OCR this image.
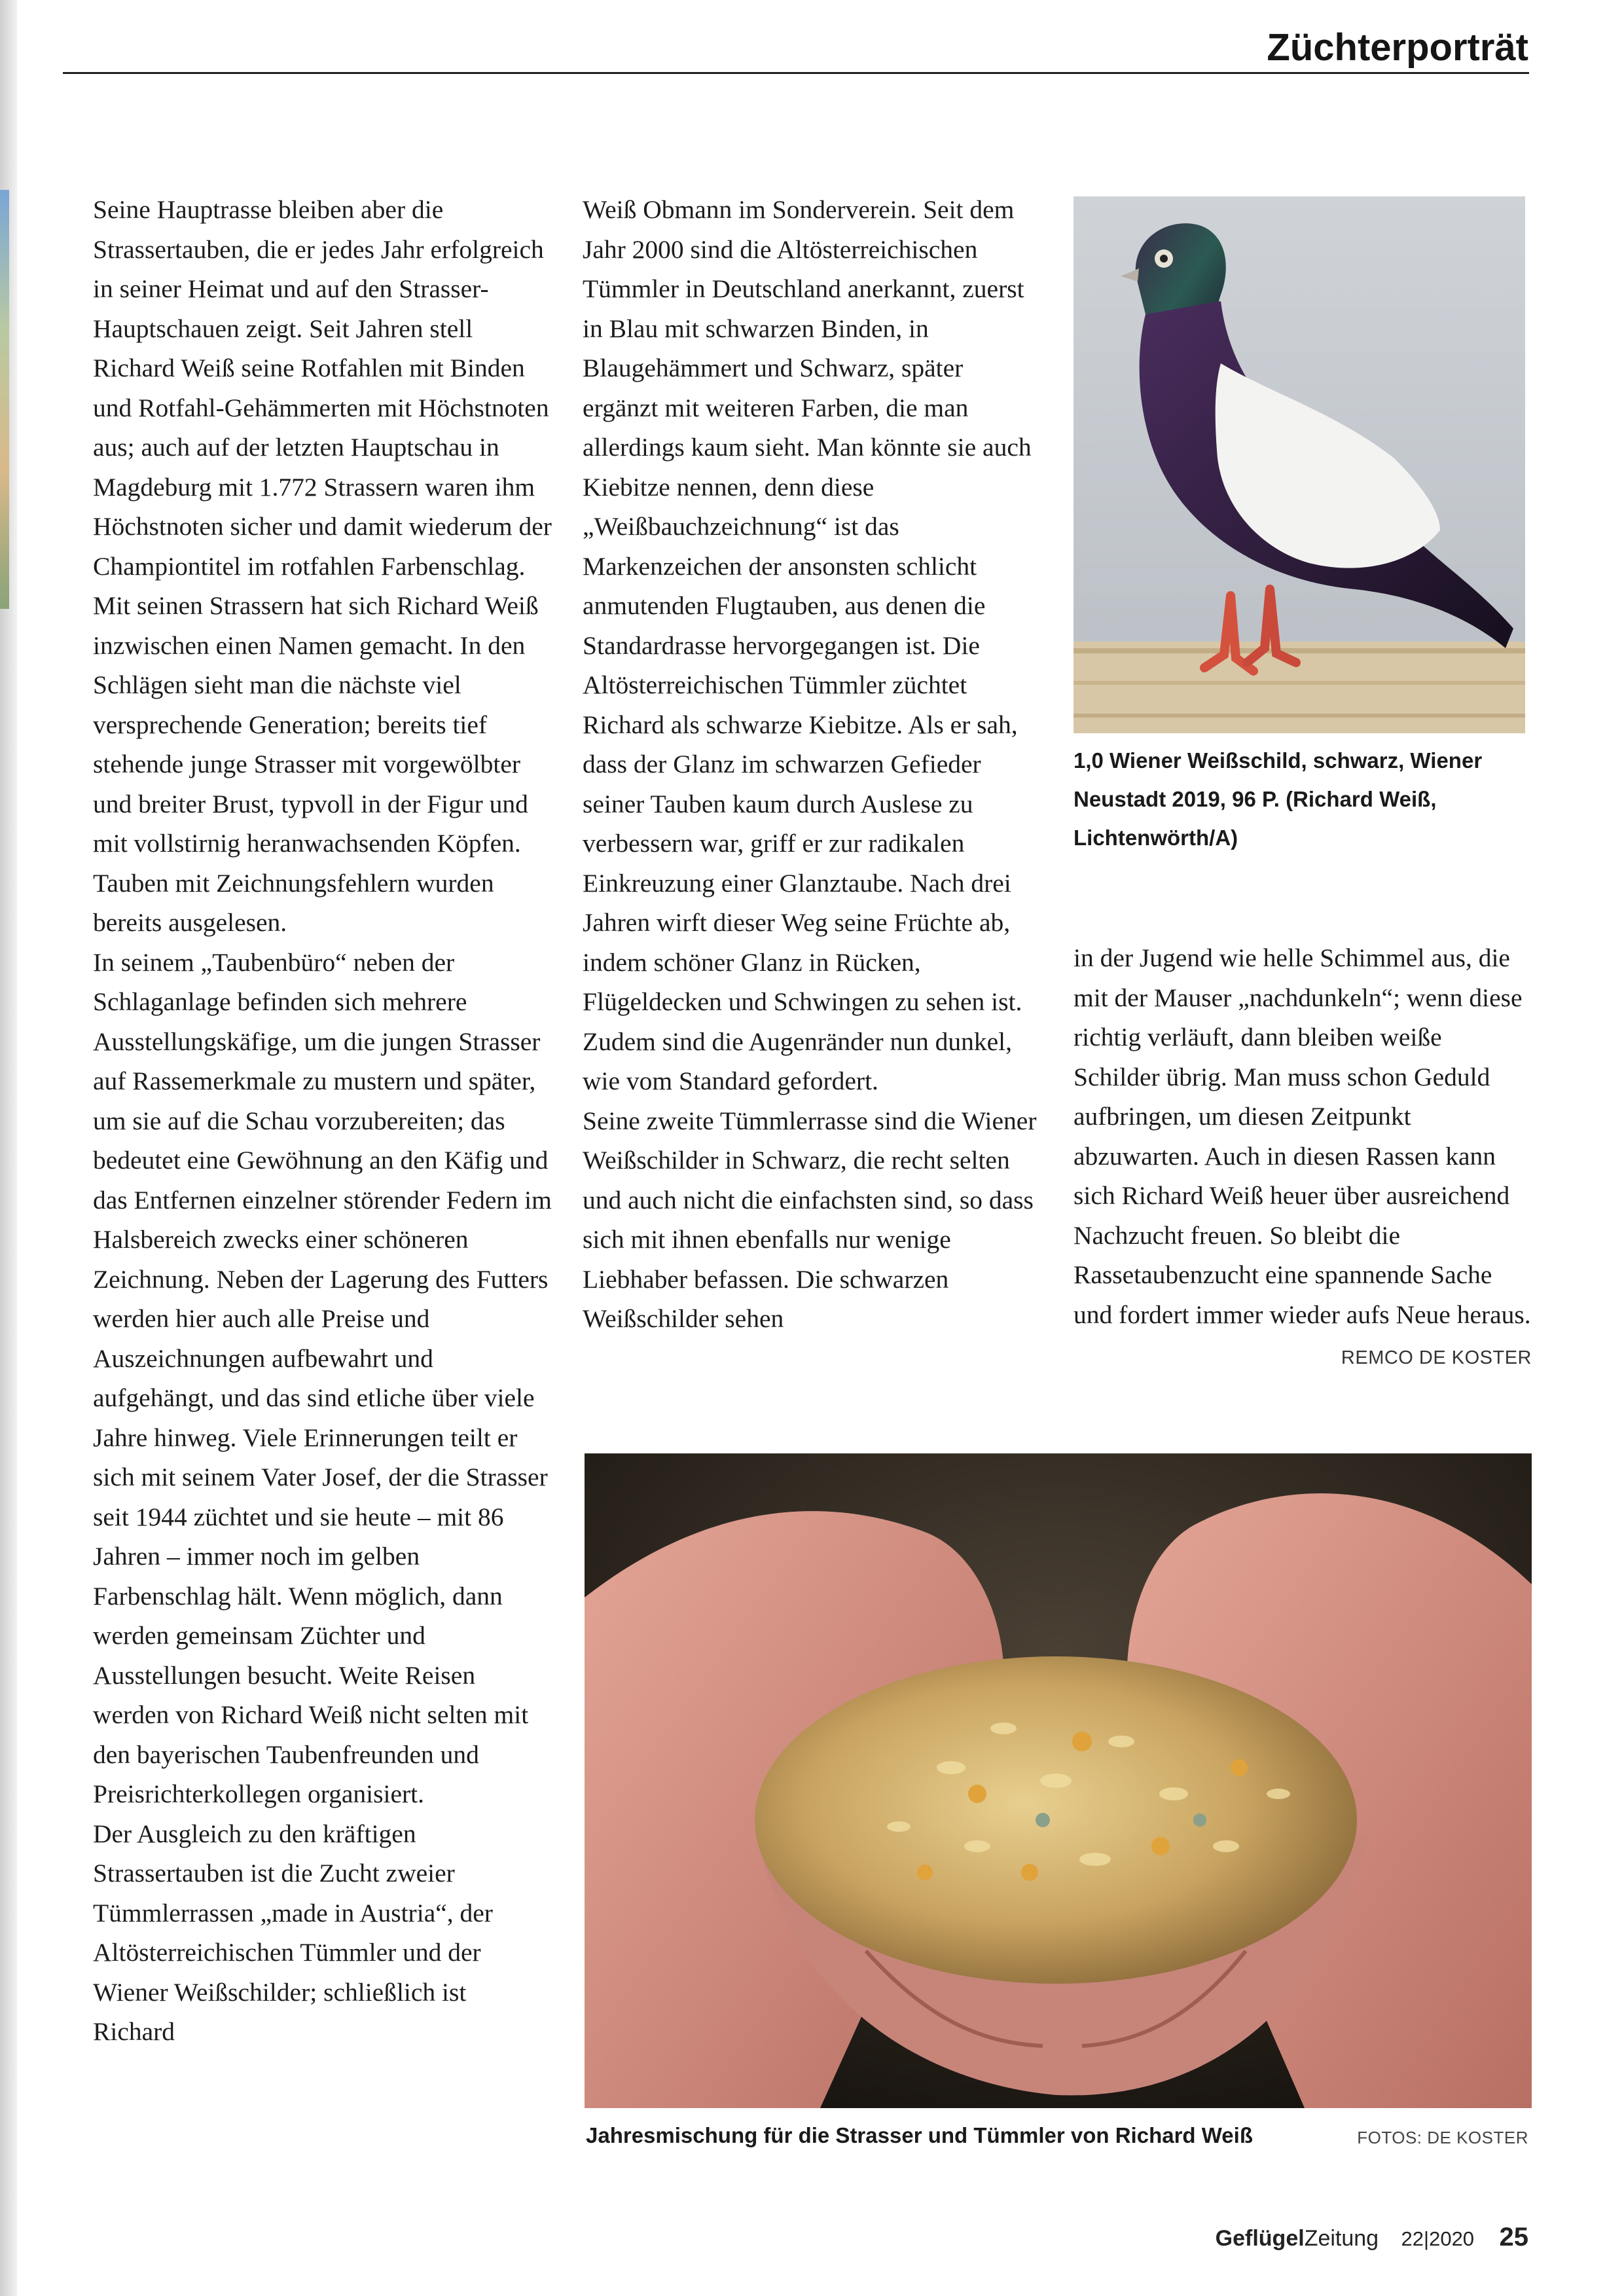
Züchterporträt

Seine Hauptrasse bleiben aber die Strassertauben, die er jedes Jahr erfolgreich in seiner Heimat und auf den Strasser-Hauptschauen zeigt. Seit Jahren stell Richard Weiß seine Rotfahlen mit Binden und Rotfahl-Gehämmerten mit Höchstnoten aus; auch auf der letzten Hauptschau in Magdeburg mit 1.772 Strassern waren ihm Höchstnoten sicher und damit wiederum der Championtitel im rotfahlen Farbenschlag. Mit seinen Strassern hat sich Richard Weiß inzwischen einen Namen gemacht. In den Schlägen sieht man die nächste viel versprechende Generation; bereits tief stehende junge Strasser mit vorgewölbter und breiter Brust, typvoll in der Figur und mit vollstirnig heranwachsenden Köpfen. Tauben mit Zeichnungsfehlern wurden bereits ausgelesen.

In seinem „Taubenbüro“ neben der Schlaganlage befinden sich mehrere Ausstellungskäfige, um die jungen Strasser auf Rassemerkmale zu mustern und später, um sie auf die Schau vorzubereiten; das bedeutet eine Gewöhnung an den Käfig und das Entfernen einzelner störender Federn im Halsbereich zwecks einer schöneren Zeichnung. Neben der Lagerung des Futters werden hier auch alle Preise und Auszeichnungen aufbewahrt und aufgehängt, und das sind etliche über viele Jahre hinweg. Viele Erinnerungen teilt er sich mit seinem Vater Josef, der die Strasser seit 1944 züchtet und sie heute – mit 86 Jahren – immer noch im gelben Farbenschlag hält. Wenn möglich, dann werden gemeinsam Züchter und Ausstellungen besucht. Weite Reisen werden von Richard Weiß nicht selten mit den bayerischen Taubenfreunden und Preisrichterkollegen organisiert.

Der Ausgleich zu den kräftigen Strassertauben ist die Zucht zweier Tümmlerrassen „made in Austria“, der Altösterreichischen Tümmler und der Wiener Weißschilder; schließlich ist Richard

Weiß Obmann im Sonderverein. Seit dem Jahr 2000 sind die Altösterreichischen Tümmler in Deutschland anerkannt, zuerst in Blau mit schwarzen Binden, in Blaugehämmert und Schwarz, später ergänzt mit weiteren Farben, die man allerdings kaum sieht. Man könnte sie auch Kiebitze nennen, denn diese „Weißbauchzeichnung“ ist das Markenzeichen der ansonsten schlicht anmutenden Flugtauben, aus denen die Standardrasse hervorgegangen ist. Die Altösterreichischen Tümmler züchtet Richard als schwarze Kiebitze. Als er sah, dass der Glanz im schwarzen Gefieder seiner Tauben kaum durch Auslese zu verbessern war, griff er zur radikalen Einkreuzung einer Glanztaube. Nach drei Jahren wirft dieser Weg seine Früchte ab, indem schöner Glanz in Rücken, Flügeldecken und Schwingen zu sehen ist. Zudem sind die Augenränder nun dunkel, wie vom Standard gefordert.

Seine zweite Tümmlerrasse sind die Wiener Weißschilder in Schwarz, die recht selten und auch nicht die einfachsten sind, so dass sich mit ihnen ebenfalls nur wenige Liebhaber befassen. Die schwarzen Weißschilder sehen

1,0 Wiener Weißschild, schwarz, Wiener Neustadt 2019, 96 P. (Richard Weiß, Lichtenwörth/A)

in der Jugend wie helle Schimmel aus, die mit der Mauser „nachdunkeln“; wenn diese richtig verläuft, dann bleiben weiße Schilder übrig. Man muss schon Geduld aufbringen, um diesen Zeitpunkt abzuwarten. Auch in diesen Rassen kann sich Richard Weiß heuer über ausreichend Nachzucht freuen. So bleibt die Rassetaubenzucht eine spannende Sache und fordert immer wieder aufs Neue heraus.

REMCO DE KOSTER

Jahresmischung für die Strasser und Tümmler von Richard Weiß	FOTOS: DE KOSTER
GeflügelZeitung 22|2020 25
